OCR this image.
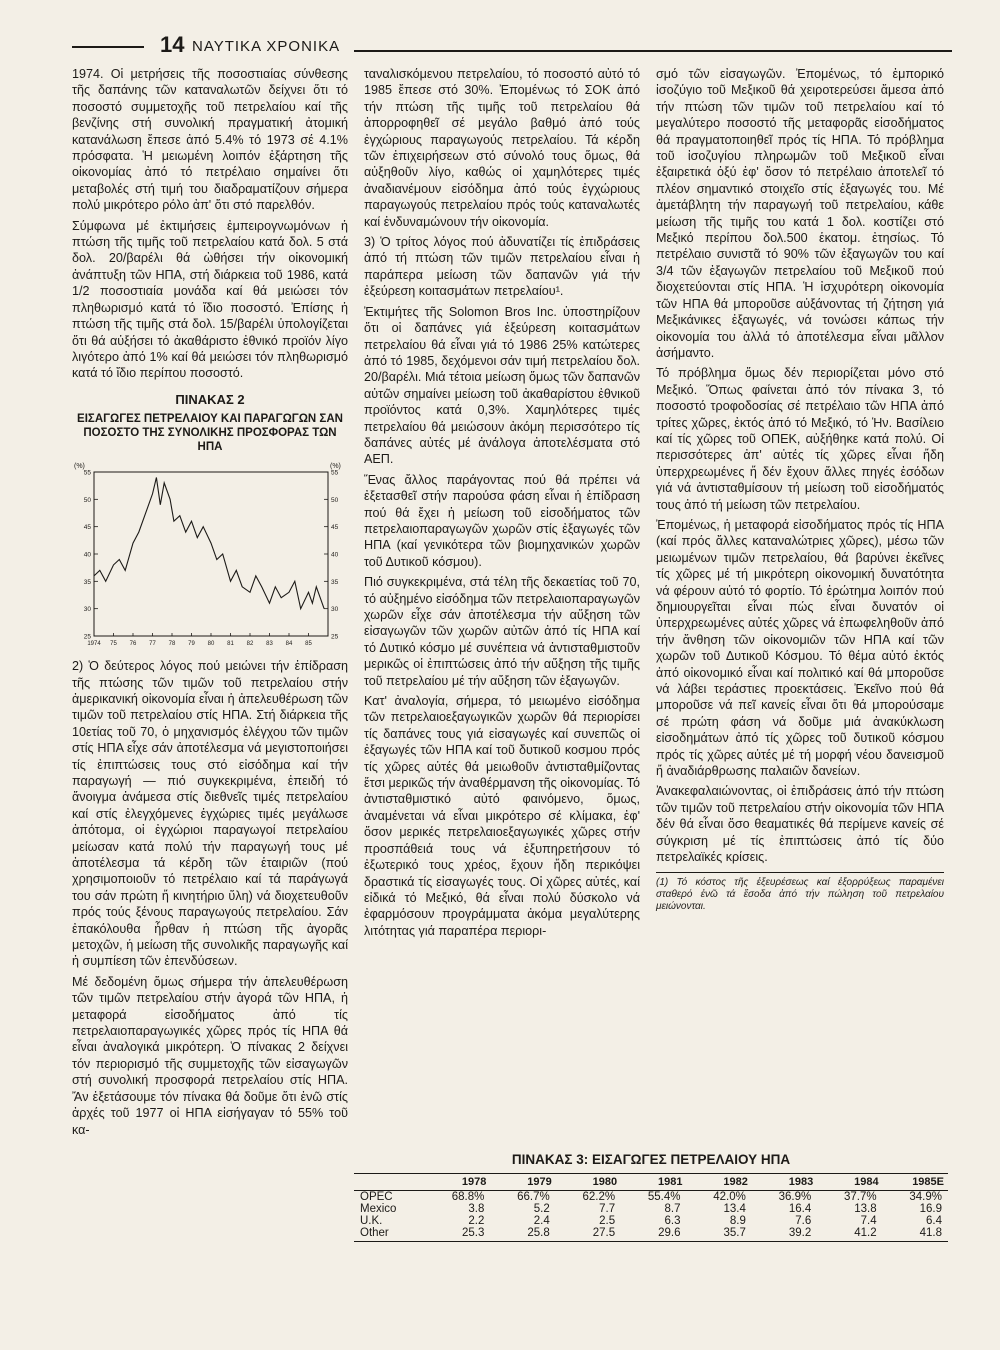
14 ΝΑΥΤΙΚΑ ΧΡΟΝΙΚΑ

1974. Οἱ μετρήσεις τῆς ποσοστιαίας σύνθεσης τῆς δαπάνης τῶν καταναλωτῶν δείχνει ὅτι τό ποσοστό συμμετοχῆς τοῦ πετρελαίου καί τῆς βενζίνης στή συνολική πραγματική ἀτομική κατανάλωση ἔπεσε ἀπό 5.4% τό 1973 σέ 4.1% πρόσφατα. Ἡ μειωμένη λοιπόν ἐξάρτηση τῆς οἰκονομίας ἀπό τό πετρέλαιο σημαίνει ὅτι μεταβολές στή τιμή του διαδραματίζουν σήμερα πολύ μικρότερο ρόλο ἀπ' ὅτι στό παρελθόν.

Σύμφωνα μέ ἐκτιμήσεις ἐμπειρογνωμόνων ἡ πτώση τῆς τιμῆς τοῦ πετρελαίου κατά δολ. 5 στά δολ. 20/βαρέλι θά ὠθήσει τήν οἰκονομική ἀνάπτυξη τῶν ΗΠΑ, στή διάρκεια τοῦ 1986, κατά 1/2 ποσοστιαία μονάδα καί θά μειώσει τόν πληθωρισμό κατά τό ἴδιο ποσοστό. Ἐπίσης ἡ πτώση τῆς τιμῆς στά δολ. 15/βαρέλι ὑπολογίζεται ὅτι θά αὐξήσει τό ἀκαθάριστο ἐθνικό προϊόν λίγο λιγότερο ἀπό 1% καί θά μειώσει τόν πληθωρισμό κατά τό ἴδιο περίπου ποσοστό.

ΠΙΝΑΚΑΣ 2
ΕΙΣΑΓΩΓΕΣ ΠΕΤΡΕΛΑΙΟΥ ΚΑΙ ΠΑΡΑΓΩΓΩΝ ΣΑΝ ΠΟΣΟΣΤΟ ΤΗΣ ΣΥΝΟΛΙΚΗΣ ΠΡΟΣΦΟΡΑΣ ΤΩΝ ΗΠΑ
(%)	(%)
25	25
30	30
35	35
40	40
45	45
50	50
55	55
1974 75 76 77 78 79 80 81 82 83 84 85

2) Ὁ δεύτερος λόγος πού μειώνει τήν ἐπίδραση τῆς πτώσης τῶν τιμῶν τοῦ πετρελαίου στήν ἀμερικανική οἰκονομία εἶναι ἡ ἀπελευθέρωση τῶν τιμῶν τοῦ πετρελαίου στίς ΗΠΑ. Στή διάρκεια τῆς 10ετίας τοῦ 70, ὁ μηχανισμός ἐλέγχου τῶν τιμῶν στίς ΗΠΑ εἶχε σάν ἀποτέλεσμα νά μεγιστοποιήσει τίς ἐπιπτώσεις τους στό εἰσόδημα καί τήν παραγωγή — πιό συγκεκριμένα, ἐπειδή τό ἄνοιγμα ἀνάμεσα στίς διεθνεῖς τιμές πετρελαίου καί στίς ἐλεγχόμενες ἐγχώριες τιμές μεγάλωσε ἀπότομα, οἱ ἐγχώριοι παραγωγοί πετρελαίου μείωσαν κατά πολύ τήν παραγωγή τους μέ ἀποτέλεσμα τά κέρδη τῶν ἑταιριῶν (πού χρησιμοποιοῦν τό πετρέλαιο καί τά παράγωγά του σάν πρώτη ἤ κινητήριο ὕλη) νά διοχετευθοῦν πρός τούς ξένους παραγωγούς πετρελαίου. Σάν ἐπακόλουθα ἦρθαν ἡ πτώση τῆς ἀγορᾶς μετοχῶν, ἡ μείωση τῆς συνολικῆς παραγωγῆς καί ἡ συμπίεση τῶν ἐπενδύσεων.

Μέ δεδομένη ὅμως σήμερα τήν ἀπελευθέρωση τῶν τιμῶν πετρελαίου στήν ἀγορά τῶν ΗΠΑ, ἡ μεταφορά εἰσοδήματος ἀπό τίς πετρελαιοπαραγωγικές χῶρες πρός τίς ΗΠΑ θά εἶναι ἀναλογικά μικρότερη. Ὁ πίνακας 2 δείχνει τόν περιορισμό τῆς συμμετοχῆς τῶν εἰσαγωγῶν στή συνολική προσφορά πετρελαίου στίς ΗΠΑ. Ἄν ἐξετάσουμε τόν πίνακα θά δοῦμε ὅτι ἐνῶ στίς ἀρχές τοῦ 1977 οἱ ΗΠΑ εἰσήγαγαν τό 55% τοῦ κα-

ταναλισκόμενου πετρελαίου, τό ποσοστό αὐτό τό 1985 ἔπεσε στό 30%. Ἐπομένως τό ΣΟΚ ἀπό τήν πτώση τῆς τιμῆς τοῦ πετρελαίου θά ἀπορροφηθεῖ σέ μεγάλο βαθμό ἀπό τούς ἐγχώριους παραγωγούς πετρελαίου. Τά κέρδη τῶν ἐπιχειρήσεων στό σύνολό τους ὅμως, θά αὐξηθοῦν λίγο, καθώς οἱ χαμηλότερες τιμές ἀναδιανέμουν εἰσόδημα ἀπό τούς ἐγχώριους παραγωγούς πετρελαίου πρός τούς καταναλωτές καί ἐνδυναμώνουν τήν οἰκονομία.

3) Ὁ τρίτος λόγος πού ἀδυνατίζει τίς ἐπιδράσεις ἀπό τή πτώση τῶν τιμῶν πετρελαίου εἶναι ἡ παράπερα μείωση τῶν δαπανῶν γιά τήν ἐξεύρεση κοιτασμάτων πετρελαίου¹.

Ἐκτιμήτες τῆς Solomon Bros Inc. ὑποστηρίζουν ὅτι οἱ δαπάνες γιά ἐξεύρεση κοιτασμάτων πετρελαίου θά εἶναι γιά τό 1986 25% κατώτερες ἀπό τό 1985, δεχόμενοι σάν τιμή πετρελαίου δολ. 20/βαρέλι. Μιά τέτοια μείωση ὅμως τῶν δαπανῶν αὐτῶν σημαίνει μείωση τοῦ ἀκαθαρίστου ἐθνικοῦ προϊόντος κατά 0,3%. Χαμηλότερες τιμές πετρελαίου θά μειώσουν ἀκόμη περισσότερο τίς δαπάνες αὐτές μέ ἀνάλογα ἀποτελέσματα στό ΑΕΠ.

Ἕνας ἄλλος παράγοντας πού θά πρέπει νά ἐξετασθεῖ στήν παρούσα φάση εἶναι ἡ ἐπίδραση πού θά ἔχει ἡ μείωση τοῦ εἰσοδήματος τῶν πετρελαιοπαραγωγῶν χωρῶν στίς ἐξαγωγές τῶν ΗΠΑ (καί γενικότερα τῶν βιομηχανικών χωρῶν τοῦ Δυτικοῦ κόσμου).

Πιό συγκεκριμένα, στά τέλη τῆς δεκαετίας τοῦ 70, τό αὐξημένο εἰσόδημα τῶν πετρελαιοπαραγωγῶν χωρῶν εἶχε σάν ἀποτέλεσμα τήν αὔξηση τῶν εἰσαγωγῶν τῶν χωρῶν αὐτῶν ἀπό τίς ΗΠΑ καί τό Δυτικό κόσμο μέ συνέπεια νά ἀντισταθμιστοῦν μερικῶς οἱ ἐπιπτώσεις ἀπό τήν αὔξηση τῆς τιμῆς τοῦ πετρελαίου μέ τήν αὔξηση τῶν ἐξαγωγῶν.

Κατ' ἀναλογία, σήμερα, τό μειωμένο εἰσόδημα τῶν πετρελαιοεξαγωγικῶν χωρῶν θά περιορίσει τίς δαπάνες τους γιά εἰσαγωγές καί συνεπῶς οἱ ἐξαγωγές τῶν ΗΠΑ καί τοῦ δυτικοῦ κοσμου πρός τίς χῶρες αὐτές θά μειωθοῦν ἀντισταθμίζοντας ἔτσι μερικῶς τήν ἀναθέρμανση τῆς οἰκονομίας. Τό ἀντισταθμιστικό αὐτό φαινόμενο, ὅμως, ἀναμένεται νά εἶναι μικρότερο σέ κλίμακα, ἐφ' ὅσον μερικές πετρελαιοεξαγωγικές χῶρες στήν προσπάθειά τους νά ἐξυπηρετήσουν τό ἐξωτερικό τους χρέος, ἔχουν ἤδη περικόψει δραστικά τίς εἰσαγωγές τους. Οἱ χῶρες αὐτές, καί εἰδικά τό Μεξικό, θά εἶναι πολύ δύσκολο νά ἐφαρμόσουν προγράμματα ἀκόμα μεγαλύτερης λιτότητας γιά παραπέρα περιορι-

σμό τῶν εἰσαγωγῶν. Ἐπομένως, τό ἐμπορικό ἰσοζύγιο τοῦ Μεξικοῦ θά χειροτερεύσει ἄμεσα ἀπό τήν πτώση τῶν τιμῶν τοῦ πετρελαίου καί τό μεγαλύτερο ποσοστό τῆς μεταφορᾶς εἰσοδήματος θά πραγματοποιηθεῖ πρός τίς ΗΠΑ. Τό πρόβλημα τοῦ ἰσοζυγίου πληρωμῶν τοῦ Μεξικοῦ εἶναι ἐξαιρετικά ὀξύ ἐφ' ὅσον τό πετρέλαιο ἀποτελεῖ τό πλέον σημαντικό στοιχεῖο στίς ἐξαγωγές του. Μέ ἀμετάβλητη τήν παραγωγή τοῦ πετρελαίου, κάθε μείωση τῆς τιμῆς του κατά 1 δολ. κοστίζει στό Μεξικό περίπου δολ.500 ἑκατομ. ἐτησίως. Τό πετρέλαιο συνιστᾶ τό 90% τῶν ἐξαγωγῶν του καί 3/4 τῶν ἐξαγωγῶν πετρελαίου τοῦ Μεξικοῦ πού διοχετεύονται στίς ΗΠΑ. Ἡ ἰσχυρότερη οἰκονομία τῶν ΗΠΑ θά μποροῦσε αὐξάνοντας τή ζήτηση γιά Μεξικάνικες ἐξαγωγές, νά τονώσει κάπως τήν οἰκονομία του ἀλλά τό ἀποτέλεσμα εἶναι μᾶλλον ἀσήμαντο.

Τό πρόβλημα ὅμως δέν περιορίζεται μόνο στό Μεξικό. Ὅπως φαίνεται ἀπό τόν πίνακα 3, τό ποσοστό τροφοδοσίας σέ πετρέλαιο τῶν ΗΠΑ ἀπό τρίτες χῶρες, ἐκτός ἀπό τό Μεξικό, τό Ἡν. Βασίλειο καί τίς χῶρες τοῦ ΟΠΕΚ, αὐξήθηκε κατά πολύ. Οἱ περισσότερες ἀπ' αὐτές τίς χῶρες εἶναι ἤδη ὑπερχρεωμένες ἤ δέν ἔχουν ἄλλες πηγές ἐσόδων γιά νά ἀντισταθμίσουν τή μείωση τοῦ εἰσοδήματός τους ἀπό τή μείωση τῶν πετρελαίου.

Ἐπομένως, ἡ μεταφορά εἰσοδήματος πρός τίς ΗΠΑ (καί πρός ἄλλες καταναλώτριες χῶρες), μέσω τῶν μειωμένων τιμῶν πετρελαίου, θά βαρύνει ἐκεῖνες τίς χῶρες μέ τή μικρότερη οἰκονομική δυνατότητα νά φέρουν αὐτό τό φορτίο. Τό ἐρώτημα λοιπόν πού δημιουργεῖται εἶναι πώς εἶναι δυνατόν οἱ ὑπερχρεωμένες αὐτές χῶρες νά ἐπωφεληθοῦν ἀπό τήν ἄνθηση τῶν οἰκονομιῶν τῶν ΗΠΑ καί τῶν χωρῶν τοῦ Δυτικοῦ Κόσμου. Τό θέμα αὐτό ἐκτός ἀπό οἰκονομικό εἶναι καί πολιτικό καί θά μποροῦσε νά λάβει τεράστιες προεκτάσεις. Ἐκεῖνο πού θά μποροῦσε νά πεῖ κανείς εἶναι ὅτι θά μπορούσαμε σέ πρώτη φάση νά δοῦμε μιά ἀνακύκλωση εἰσοδημάτων ἀπό τίς χῶρες τοῦ δυτικοῦ κόσμου πρός τίς χῶρες αὐτές μέ τή μορφή νέου δανεισμοῦ ἤ ἀναδιάρθρωσης παλαιῶν δανείων.

Ἀνακεφαλαιώνοντας, οἱ ἐπιδράσεις ἀπό τήν πτώση τῶν τιμῶν τοῦ πετρελαίου στήν οἰκονομία τῶν ΗΠΑ δέν θά εἶναι ὅσο θεαματικές θά περίμενε κανείς σέ σύγκριση μέ τίς ἐπιπτώσεις ἀπό τίς δύο πετρελαϊκές κρίσεις.

(1) Τό κόστος τῆς ἐξευρέσεως καί ἐξορρύξεως παραμένει σταθερό ἐνῶ τά ἔσοδα ἀπό τήν πώληση τοῦ πετρελαίου μειώνονται.
ΠΙΝΑΚΑΣ 3: ΕΙΣΑΓΩΓΕΣ ΠΕΤΡΕΛΑΙΟΥ ΗΠΑ
	1978	1979	1980	1981	1982	1983	1984	1985E
OPEC	68.8%	66.7%	62.2%	55.4%	42.0%	36.9%	37.7%	34.9%
Mexico	3.8	5.2	7.7	8.7	13.4	16.4	13.8	16.9
U.K.	2.2	2.4	2.5	6.3	8.9	7.6	7.4	6.4
Other	25.3	25.8	27.5	29.6	35.7	39.2	41.2	41.8
